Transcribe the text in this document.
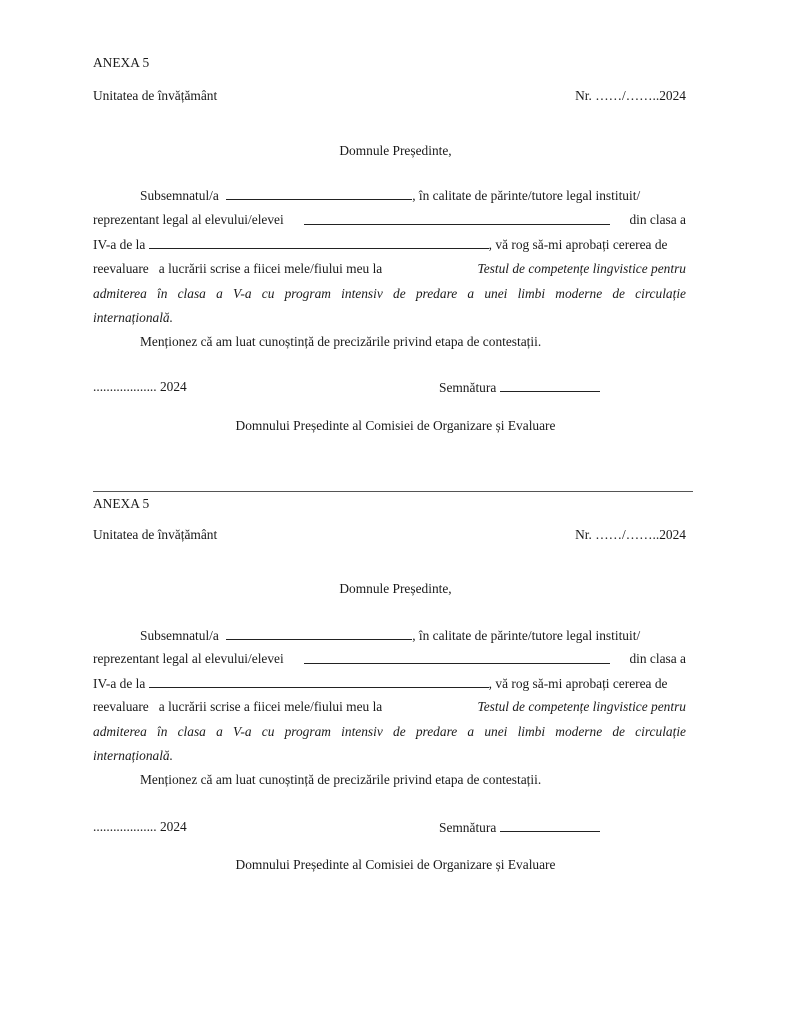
ANEXA 5
Unitatea de învățământ	Nr. ……/……..2024
Domnule Președinte,
Subsemnatul/a	, în calitate de părinte/tutore legal instituit/
reprezentant legal al elevului/elevei	din clasa a
IV-a de la	, vă rog să-mi aprobați cererea de
reevaluare   a lucrării scrise a fiicei mele/fiului meu la	Testul de competențe lingvistice pentru
admiterea în clasa a V-a cu program intensiv de predare a unei limbi moderne de circulație
internațională.
Menționez că am luat cunoștință de precizările privind etapa de contestații.
................... 2024	Semnătura
Domnului Președinte al Comisiei de Organizare și Evaluare
ANEXA 5
Unitatea de învățământ	Nr. ……/……..2024
Domnule Președinte,
Subsemnatul/a	, în calitate de părinte/tutore legal instituit/
reprezentant legal al elevului/elevei	din clasa a
IV-a de la	, vă rog să-mi aprobați cererea de
reevaluare   a lucrării scrise a fiicei mele/fiului meu la	Testul de competențe lingvistice pentru
admiterea în clasa a V-a cu program intensiv de predare a unei limbi moderne de circulație
internațională.
Menționez că am luat cunoștință de precizările privind etapa de contestații.
................... 2024	Semnătura
Domnului Președinte al Comisiei de Organizare și Evaluare
